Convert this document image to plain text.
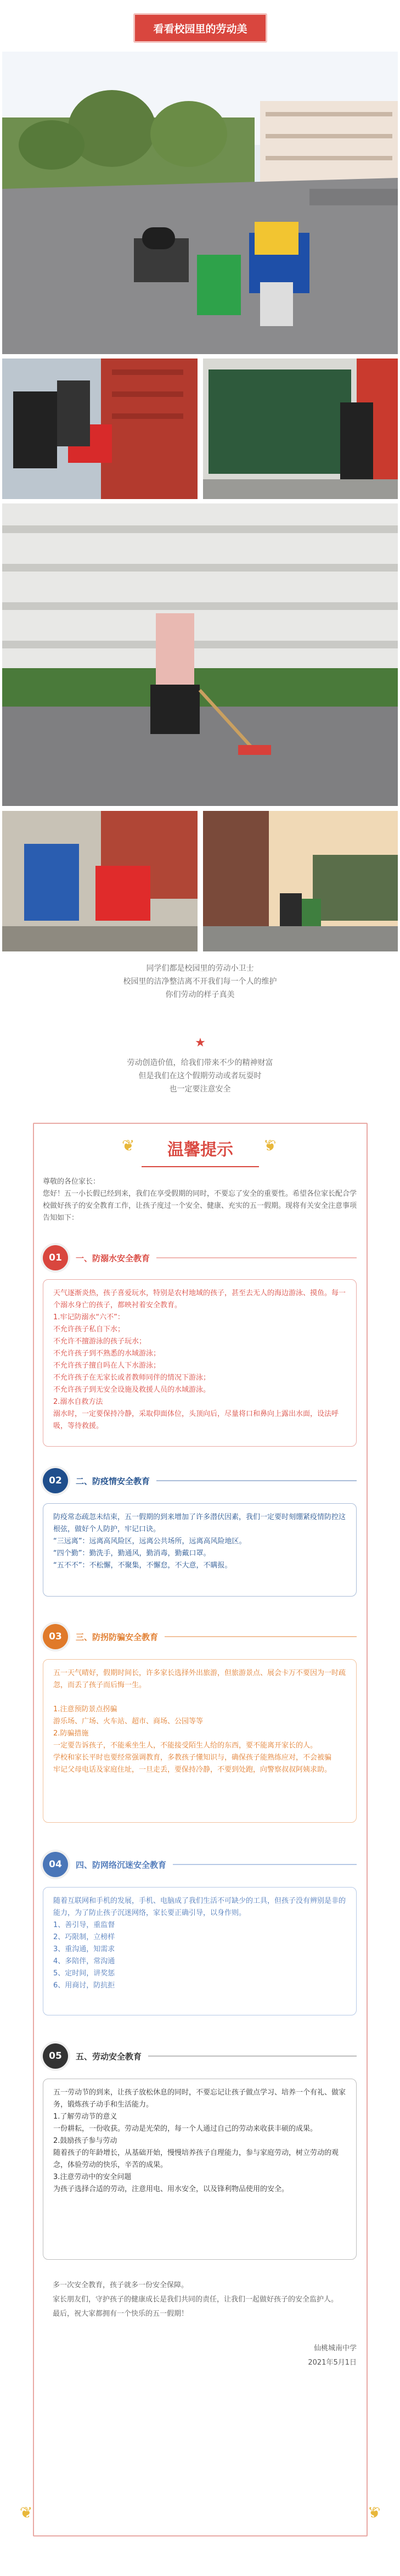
看看校园里的劳动美
同学们都是校园里的劳动小卫士
校园里的洁净整洁离不开我们每一个人的维护
你们劳动的样子真美
★
劳动创造价值，给我们带来不少的精神财富
但是我们在这个假期劳动或者玩耍时
也一定要注意安全
❦	❦
温馨提示
尊敬的各位家长：
您好！五一小长假已经到来，我们在享受假期的同时，不要忘了安全的重要性。希望各位家长配合学校做好孩子的安全教育工作，让孩子度过一个安全、健康、充实的五一假期。现将有关安全注意事项告知如下：
01	一、防溺水安全教育
天气逐渐炎热，孩子喜爱玩水，特别是农村地域的孩子，甚至去无人的海边游泳、摸鱼。每一个溺水身亡的孩子，都映衬着安全教育。
1.牢记防溺水“六不”：
不允许孩子私自下水；
不允许不擅游泳的孩子玩水；
不允许孩子到不熟悉的水域游泳；
不允许孩子擅自吗在人下水游泳；
不允许孩子在无家长或者教师同伴的情况下游泳；
不允许孩子到无安全设施及救援人员的水域游泳。
2.溺水自救方法
溺水时，一定要保持冷静，采取仰面体位，头顶向后，尽量将口和鼻向上露出水面，设法呼吸，等待救援。
02	二、防疫情安全教育
防疫常态疏忽未结束，五一假期的到来增加了许多潜伏因素，我们一定要时刻绷紧疫情防控这根弦，做好个人防护，牢记口诀。
“三远离”：远离高风险区，远离公共场所，远离高风险地区。
“四个勤”：勤洗手，勤通风，勤消毒，勤戴口罩。
“五不不”：不松懈，不聚集，不懈怠，不大意，不瞒报。
03	三、防拐防骗安全教育
五一天气晴好，假期时间长，许多家长选择外出旅游，但旅游景点、展会卡万不要因为一时疏忽，而丢了孩子而后悔一生。
1.注意预防景点拐骗
游乐场、广场、火车站、超市、商场、公园等等
2.防骗措施
一定要告诉孩子，不能乘坐生人，不能接受陌生人给的东西，要不能离开家长的人。
学校和家长平时也要经常强调教育，多教孩子懂知识与，确保孩子能熟练应对，不会被骗
牢记父母电话及家庭住址，一旦走丢，要保持冷静，不要到处跑，向警察叔叔阿姨求助。
04	四、防网络沉迷安全教育
随着互联网和手机的发展，手机、电脑成了我们生活不可缺少的工具，但孩子没有辨别是非的能力，为了防止孩子沉迷网络，家长要正确引导，以身作则。
1、善引导，重监督
2、巧限制，立榜样
3、重沟通，知需求
4、多陪伴，常沟通
5、定时间，讲奖惩
6、用商讨，防抗拒
05	五、劳动安全教育
五一劳动节的到来，让孩子放松休息的同时，不要忘记让孩子做点学习、培养一个有礼、做家务，锻炼孩子动手和生活能力。
1.了解劳动节的意义
一份耕耘，一份收获。劳动是光荣的，每一个人通过自己的劳动来收获丰硕的成果。
2.鼓励孩子参与劳动
随着孩子的年龄增长，从基础开始，慢慢培养孩子自理能力，参与家庭劳动，树立劳动的观念，体验劳动的快乐，辛苦的成果。
3.注意劳动中的安全问题
为孩子选择合适的劳动，注意用电、用水安全，以及锋利物品使用的安全。
多一次安全教育，孩子就多一份安全保障。
家长朋友们，守护孩子的健康成长是我们共同的责任，让我们一起做好孩子的安全监护人。
最后，祝大家都拥有一个快乐的五一假期！
仙桃城南中学
2021年5月1日
❦	❦
